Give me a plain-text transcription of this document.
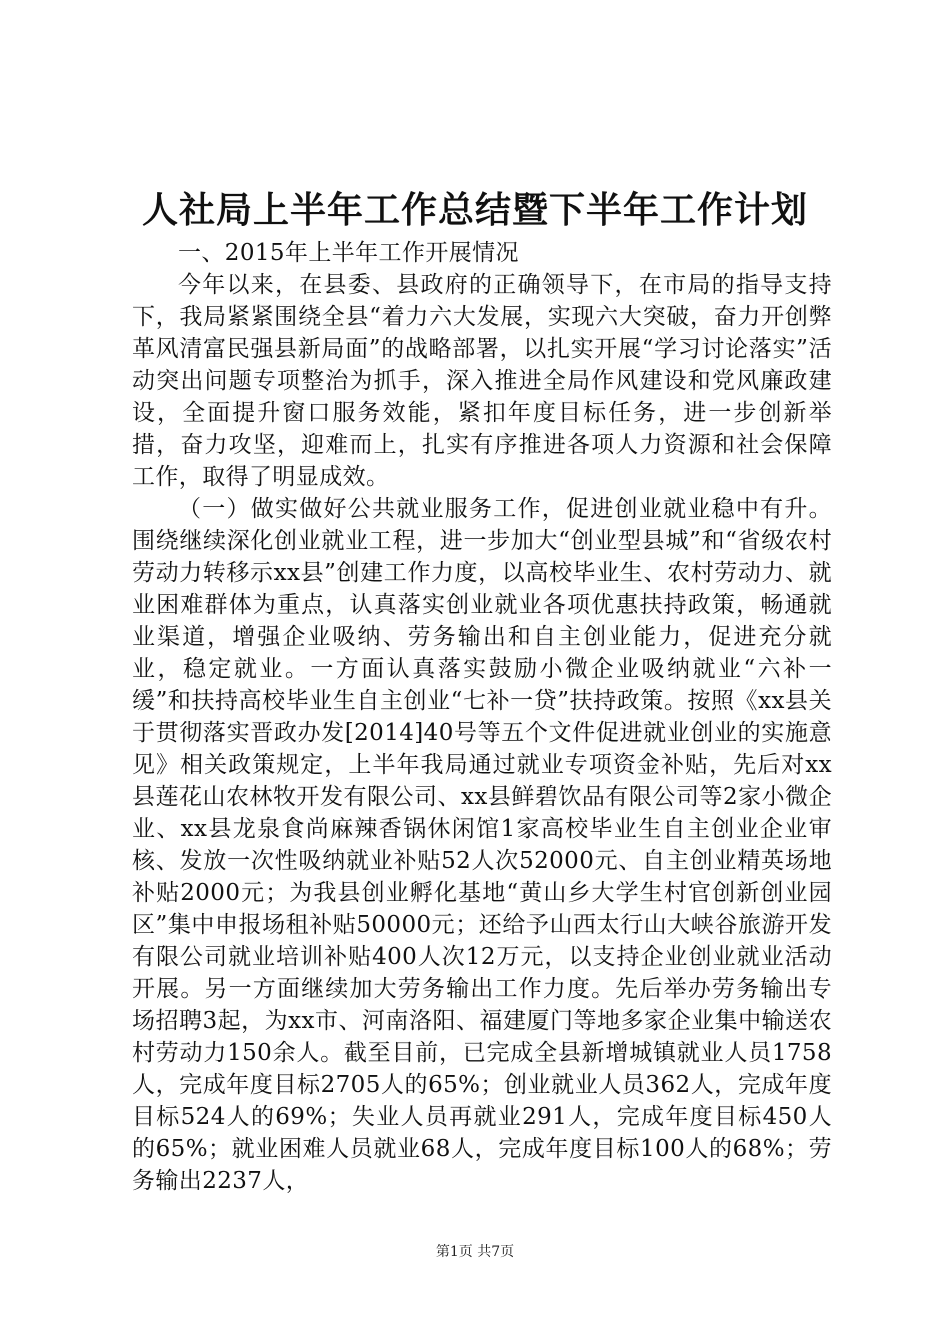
人社局上半年工作总结暨下半年工作计划

一、2015年上半年工作开展情况

今年以来，在县委、县政府的正确领导下，在市局的指导支持下，我局紧紧围绕全县“着力六大发展，实现六大突破，奋力开创弊革风清富民强县新局面”的战略部署，以扎实开展“学习讨论落实”活动突出问题专项整治为抓手，深入推进全局作风建设和党风廉政建设，全面提升窗口服务效能，紧扣年度目标任务，进一步创新举措，奋力攻坚，迎难而上，扎实有序推进各项人力资源和社会保障工作，取得了明显成效。

（一）做实做好公共就业服务工作，促进创业就业稳中有升。围绕继续深化创业就业工程，进一步加大“创业型县城”和“省级农村劳动力转移示xx县”创建工作力度，以高校毕业生、农村劳动力、就业困难群体为重点，认真落实创业就业各项优惠扶持政策，畅通就业渠道，增强企业吸纳、劳务输出和自主创业能力，促进充分就业，稳定就业。一方面认真落实鼓励小微企业吸纳就业“六补一缓”和扶持高校毕业生自主创业“七补一贷”扶持政策。按照《xx县关于贯彻落实晋政办发[2014]40号等五个文件促进就业创业的实施意见》相关政策规定，上半年我局通过就业专项资金补贴，先后对xx县莲花山农林牧开发有限公司、xx县鲜碧饮品有限公司等2家小微企业、xx县龙泉食尚麻辣香锅休闲馆1家高校毕业生自主创业企业审核、发放一次性吸纳就业补贴52人次52000元、自主创业精英场地补贴2000元；为我县创业孵化基地“黄山乡大学生村官创新创业园区”集中申报场租补贴50000元；还给予山西太行山大峡谷旅游开发有限公司就业培训补贴400人次12万元，以支持企业创业就业活动开展。另一方面继续加大劳务输出工作力度。先后举办劳务输出专场招聘3起，为xx市、河南洛阳、福建厦门等地多家企业集中输送农村劳动力150余人。截至目前，已完成全县新增城镇就业人员1758人，完成年度目标2705人的65%；创业就业人员362人，完成年度目标524人的69%；失业人员再就业291人，完成年度目标450人的65%；就业困难人员就业68人，完成年度目标100人的68%；劳务输出2237人，

第1页 共7页
